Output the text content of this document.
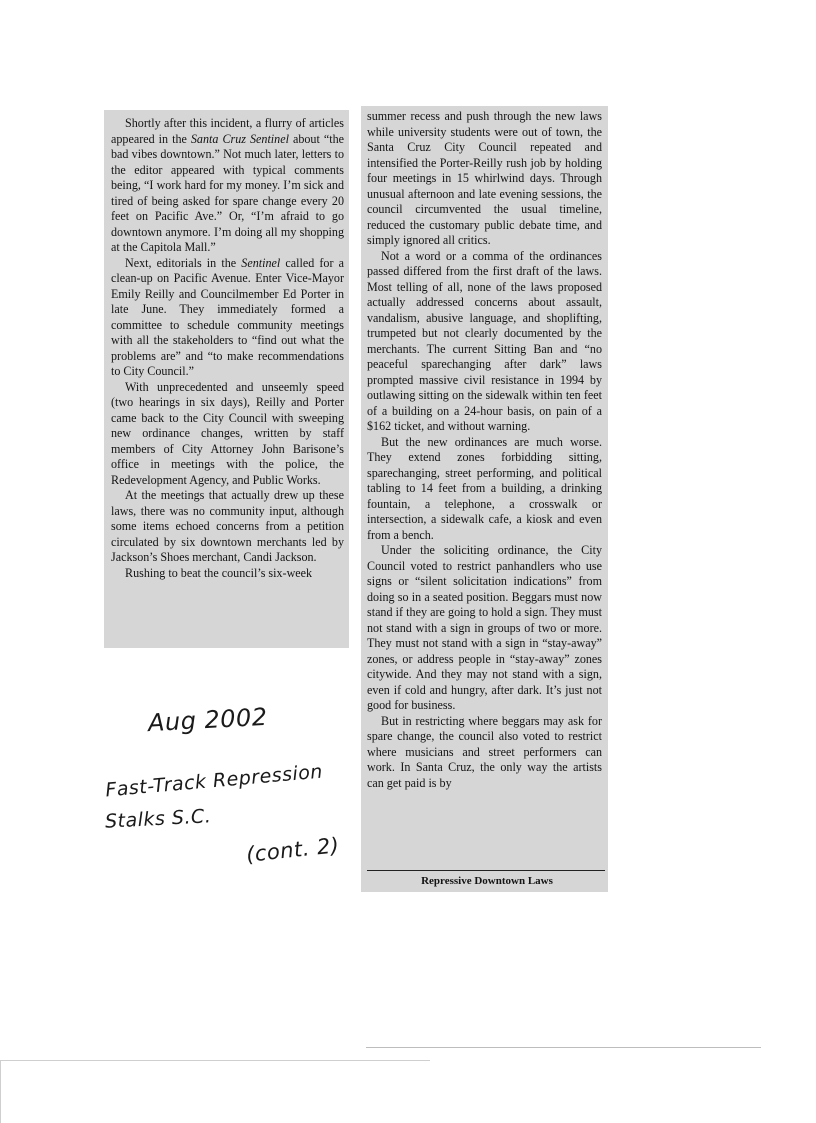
Shortly after this incident, a flurry of articles appeared in the Santa Cruz Sentinel about “the bad vibes downtown.” Not much later, letters to the editor appeared with typical comments being, “I work hard for my money. I’m sick and tired of being asked for spare change every 20 feet on Pacific Ave.” Or, “I’m afraid to go downtown anymore. I’m doing all my shopping at the Capitola Mall.”

Next, editorials in the Sentinel called for a clean-up on Pacific Avenue. Enter Vice-Mayor Emily Reilly and Councilmember Ed Porter in late June. They immediately formed a committee to schedule community meetings with all the stakeholders to “find out what the problems are” and “to make recommendations to City Council.”

With unprecedented and unseemly speed (two hearings in six days), Reilly and Porter came back to the City Council with sweeping new ordinance changes, written by staff members of City Attorney John Barisone’s office in meetings with the police, the Redevelopment Agency, and Public Works.

At the meetings that actually drew up these laws, there was no community input, although some items echoed concerns from a petition circulated by six downtown merchants led by Jackson’s Shoes merchant, Candi Jackson.

Rushing to beat the council’s six-week

summer recess and push through the new laws while university students were out of town, the Santa Cruz City Council repeated and intensified the Porter-Reilly rush job by holding four meetings in 15 whirlwind days. Through unusual afternoon and late evening sessions, the council circumvented the usual timeline, reduced the customary public debate time, and simply ignored all critics.

Not a word or a comma of the ordinances passed differed from the first draft of the laws. Most telling of all, none of the laws proposed actually addressed concerns about assault, vandalism, abusive language, and shoplifting, trumpeted but not clearly documented by the merchants. The current Sitting Ban and “no peaceful sparechanging after dark” laws prompted massive civil resistance in 1994 by outlawing sitting on the sidewalk within ten feet of a building on a 24-hour basis, on pain of a $162 ticket, and without warning.

But the new ordinances are much worse. They extend zones forbidding sitting, sparechanging, street performing, and political tabling to 14 feet from a building, a drinking fountain, a telephone, a crosswalk or intersection, a sidewalk cafe, a kiosk and even from a bench.

Under the soliciting ordinance, the City Council voted to restrict panhandlers who use signs or “silent solicitation indications” from doing so in a seated position. Beggars must now stand if they are going to hold a sign. They must not stand with a sign in groups of two or more. They must not stand with a sign in “stay-away” zones, or address people in “stay-away” zones citywide. And they may not stand with a sign, even if cold and hungry, after dark. It’s just not good for business.

But in restricting where beggars may ask for spare change, the council also voted to restrict where musicians and street performers can work. In Santa Cruz, the only way the artists can get paid is by

Repressive Downtown Laws
Aug 2002
Fast-Track Repression
Stalks S.C.
(cont. 2)
